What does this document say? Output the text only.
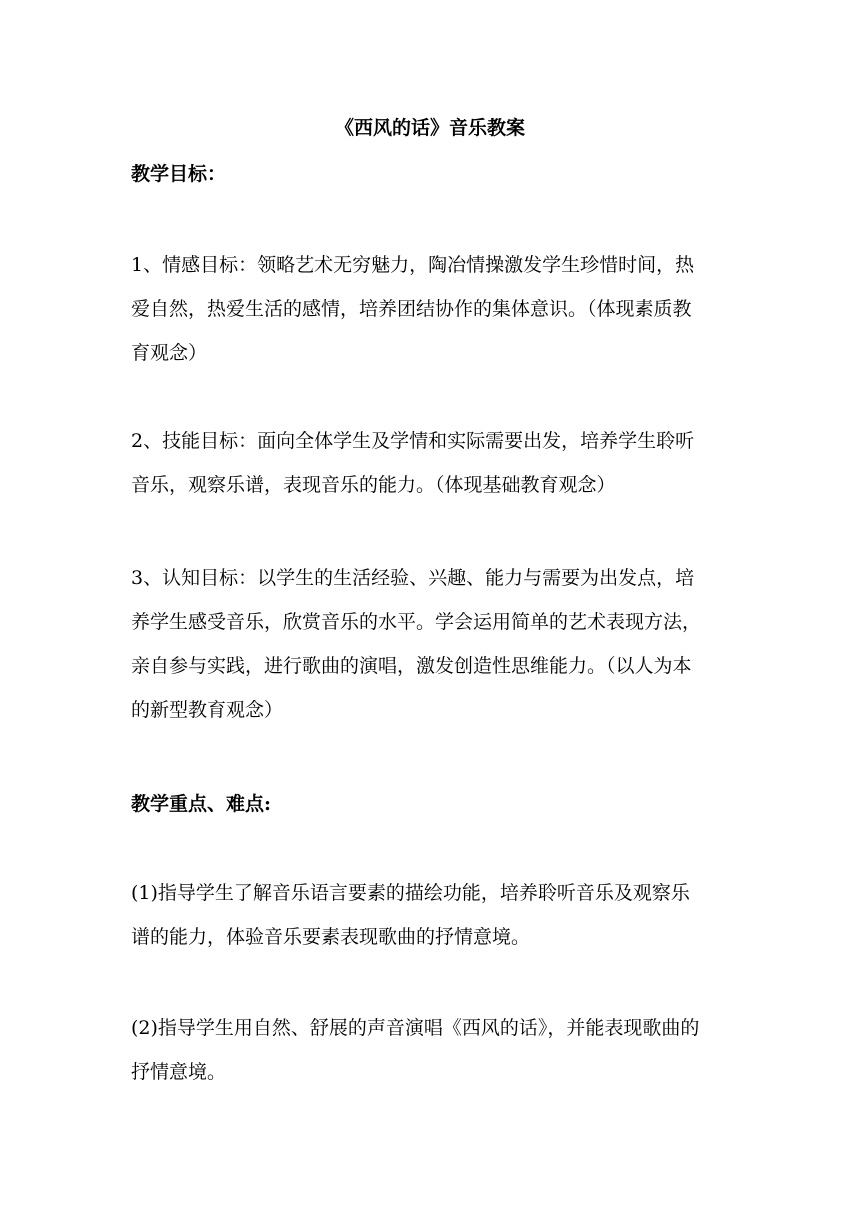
《西风的话》音乐教案
教学目标：

1、情感目标：领略艺术无穷魅力，陶冶情操激发学生珍惜时间，热
爱自然，热爱生活的感情，培养团结协作的集体意识。（体现素质教
育观念）

2、技能目标：面向全体学生及学情和实际需要出发，培养学生聆听
音乐，观察乐谱，表现音乐的能力。（体现基础教育观念）

3、认知目标：以学生的生活经验、兴趣、能力与需要为出发点，培
养学生感受音乐，欣赏音乐的水平。学会运用简单的艺术表现方法，
亲自参与实践，进行歌曲的演唱，激发创造性思维能力。（以人为本
的新型教育观念）

教学重点、难点:

(1)指导学生了解音乐语言要素的描绘功能，培养聆听音乐及观察乐
谱的能力，体验音乐要素表现歌曲的抒情意境。

(2)指导学生用自然、舒展的声音演唱《西风的话》，并能表现歌曲的
抒情意境。
